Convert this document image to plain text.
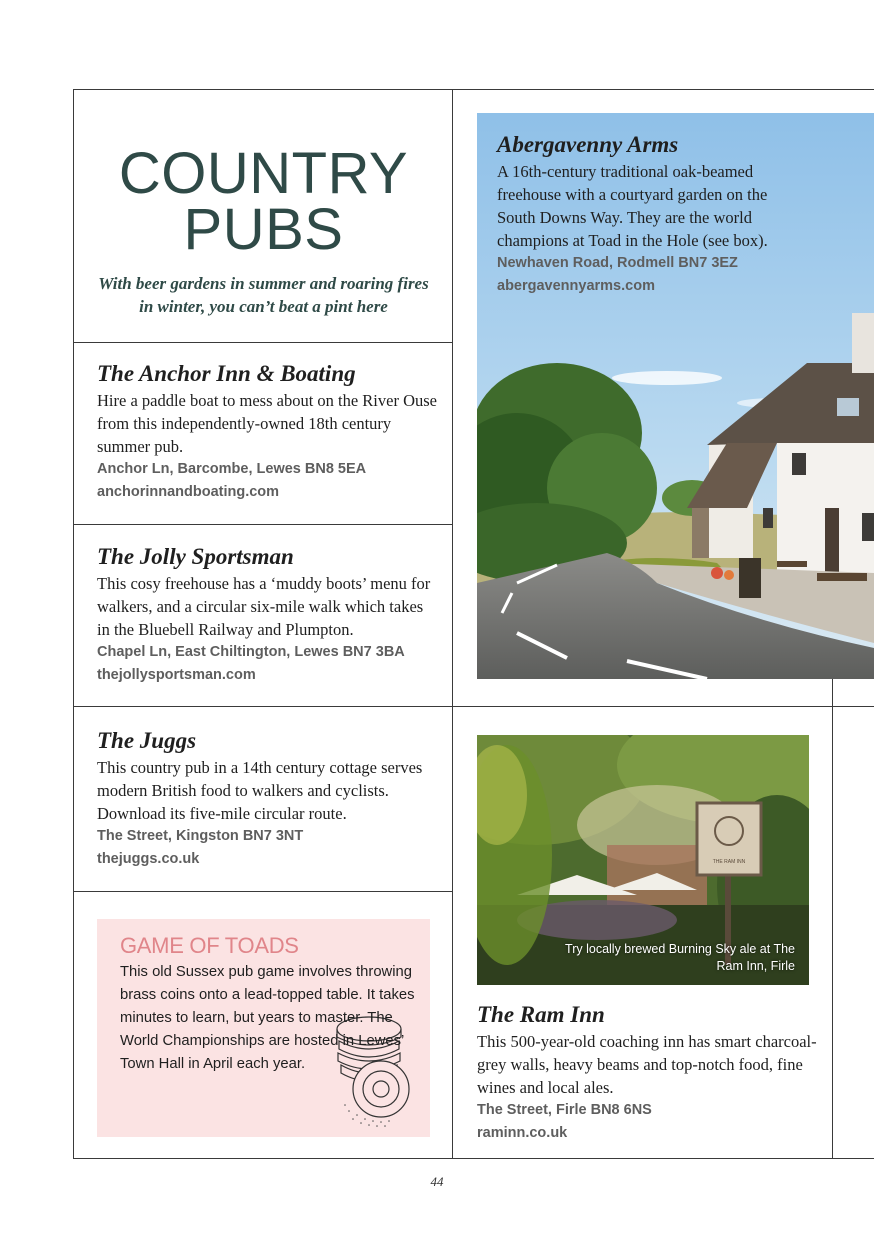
COUNTRY
PUBS

With beer gardens in summer and roaring fires in winter, you can’t beat a pint here

The Anchor Inn & Boating

Hire a paddle boat to mess about on the River Ouse from this independently-owned 18th century summer pub.

Anchor Ln, Barcombe, Lewes BN8 5EA

anchorinnandboating.com

The Jolly Sportsman

This cosy freehouse has a ‘muddy boots’ menu for walkers, and a circular six-mile walk which takes in the Bluebell Railway and Plumpton.

Chapel Ln, East Chiltington, Lewes BN7 3BA

thejollysportsman.com

The Juggs

This country pub in a 14th century cottage serves modern British food to walkers and cyclists. Download its five-mile circular route.

The Street, Kingston BN7 3NT

thejuggs.co.uk

Abergavenny Arms

A 16th-century traditional oak-beamed freehouse with a courtyard garden on the South Downs Way. They are the world champions at Toad in the Hole (see box).

Newhaven Road, Rodmell BN7 3EZ

abergavennyarms.com

THE RAM INN
Try locally brewed Burning Sky ale at The Ram Inn, Firle
The Ram Inn

This 500-year-old coaching inn has smart charcoal-grey walls, heavy beams and top-notch food, fine wines and local ales.

The Street, Firle BN8 6NS

raminn.co.uk

GAME OF TOADS

This old Sussex pub game involves throwing brass coins onto a lead-topped table. It takes minutes to learn, but years to master. The World Championships are hosted in Lewes’ Town Hall in April each year.

44
